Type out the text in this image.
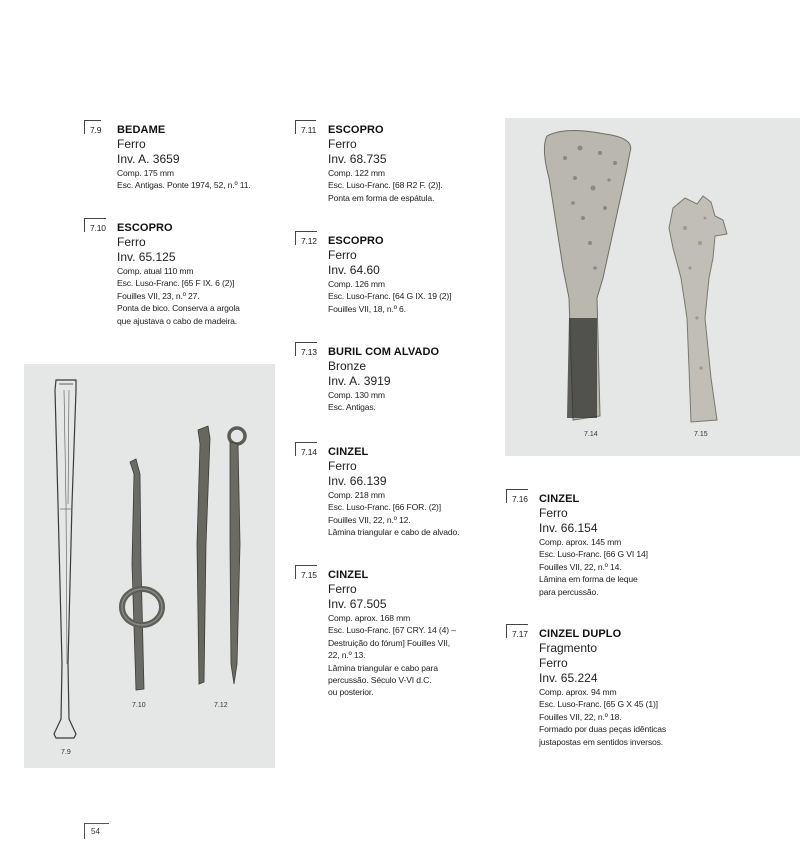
7.9 BEDAME
Ferro
Inv. A. 3659
Comp. 175 mm
Esc. Antigas. Ponte 1974, 52, n.º 11.
7.10 ESCOPRO
Ferro
Inv. 65.125
Comp. atual 110 mm
Esc. Luso-Franc. [65 F IX. 6 (2)]
Fouilles VII, 23, n.º 27.
Ponta de bico. Conserva a argola
que ajustava o cabo de madeira.
7.11 ESCOPRO
Ferro
Inv. 68.735
Comp. 122 mm
Esc. Luso-Franc. [68 R2 F. (2)].
Ponta em forma de espátula.
7.12 ESCOPRO
Ferro
Inv. 64.60
Comp. 126 mm
Esc. Luso-Franc. [64 G IX. 19 (2)]
Fouilles VII, 18, n.º 6.
7.13 BURIL COM ALVADO
Bronze
Inv. A. 3919
Comp. 130 mm
Esc. Antigas.
7.14 CINZEL
Ferro
Inv. 66.139
Comp. 218 mm
Esc. Luso-Franc. [66 FOR. (2)]
Fouilles VII, 22, n.º 12.
Lâmina triangular e cabo de alvado.
7.15 CINZEL
Ferro
Inv. 67.505
Comp. aprox. 168 mm
Esc. Luso-Franc. [67 CRY. 14 (4) –
Destruição do fórum] Fouilles VII,
22, n.º 13.
Lâmina triangular e cabo para
percussão. Século V-VI d.C.
ou posterior.
7.16 CINZEL
Ferro
Inv. 66.154
Comp. aprox. 145 mm
Esc. Luso-Franc. [66 G VI 14]
Fouilles VII, 22, n.º 14.
Lâmina em forma de leque
para percussão.
7.17 CINZEL DUPLO
Fragmento
Ferro
Inv. 65.224
Comp. aprox. 94 mm
Esc. Luso-Franc. [65 G X 45 (1)]
Fouilles VII, 22, n.º 18.
Formado por duas peças idênticas
justapostas em sentidos inversos.
7.9
7.10	7.12
7.14	7.15
54
